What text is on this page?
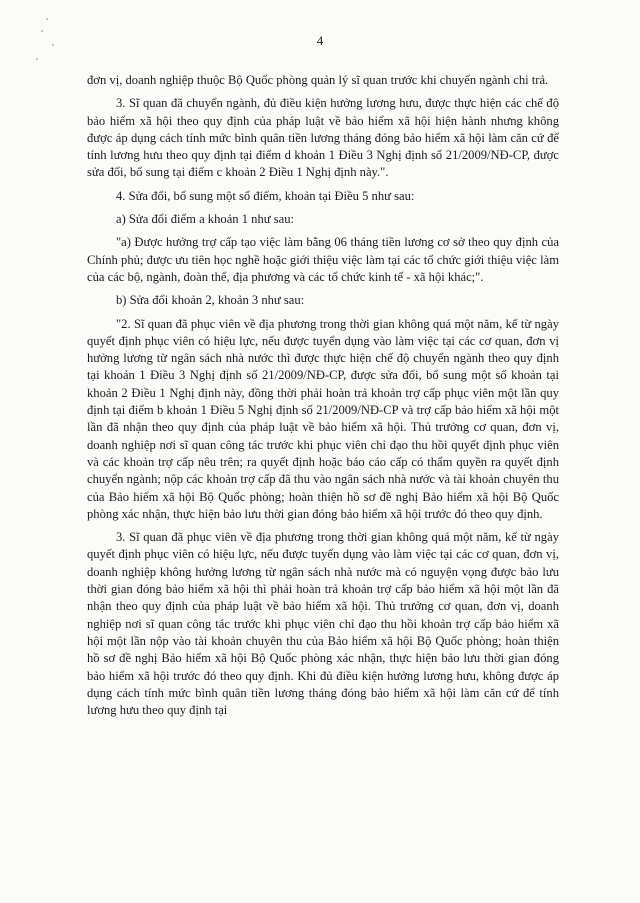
4

đơn vị, doanh nghiệp thuộc Bộ Quốc phòng quản lý sĩ quan trước khi chuyển ngành chi trả.

3. Sĩ quan đã chuyển ngành, đủ điều kiện hưởng lương hưu, được thực hiện các chế độ bảo hiểm xã hội theo quy định của pháp luật về bảo hiểm xã hội hiện hành nhưng không được áp dụng cách tính mức bình quân tiền lương tháng đóng bảo hiểm xã hội làm căn cứ để tính lương hưu theo quy định tại điểm d khoản 1 Điều 3 Nghị định số 21/2009/NĐ-CP, được sửa đổi, bổ sung tại điểm c khoản 2 Điều 1 Nghị định này.".

4. Sửa đổi, bổ sung một số điểm, khoản tại Điều 5 như sau:

a) Sửa đổi điểm a khoản 1 như sau:

"a) Được hưởng trợ cấp tạo việc làm bằng 06 tháng tiền lương cơ sở theo quy định của Chính phủ; được ưu tiên học nghề hoặc giới thiệu việc làm tại các tổ chức giới thiệu việc làm của các bộ, ngành, đoàn thể, địa phương và các tổ chức kinh tế - xã hội khác;".

b) Sửa đổi khoản 2, khoản 3 như sau:

"2. Sĩ quan đã phục viên về địa phương trong thời gian không quá một năm, kể từ ngày quyết định phục viên có hiệu lực, nếu được tuyển dụng vào làm việc tại các cơ quan, đơn vị hưởng lương từ ngân sách nhà nước thì được thực hiện chế độ chuyển ngành theo quy định tại khoản 1 Điều 3 Nghị định số 21/2009/NĐ-CP, được sửa đổi, bổ sung một số khoản tại khoản 2 Điều 1 Nghị định này, đồng thời phải hoàn trả khoản trợ cấp phục viên một lần quy định tại điểm b khoản 1 Điều 5 Nghị định số 21/2009/NĐ-CP và trợ cấp bảo hiểm xã hội một lần đã nhận theo quy định của pháp luật về bảo hiểm xã hội. Thủ trưởng cơ quan, đơn vị, doanh nghiệp nơi sĩ quan công tác trước khi phục viên chỉ đạo thu hồi quyết định phục viên và các khoản trợ cấp nêu trên; ra quyết định hoặc báo cáo cấp có thẩm quyền ra quyết định chuyển ngành; nộp các khoản trợ cấp đã thu vào ngân sách nhà nước và tài khoản chuyên thu của Bảo hiểm xã hội Bộ Quốc phòng; hoàn thiện hồ sơ đề nghị Bảo hiểm xã hội Bộ Quốc phòng xác nhận, thực hiện bảo lưu thời gian đóng bảo hiểm xã hội trước đó theo quy định.

3. Sĩ quan đã phục viên về địa phương trong thời gian không quá một năm, kể từ ngày quyết định phục viên có hiệu lực, nếu được tuyển dụng vào làm việc tại các cơ quan, đơn vị, doanh nghiệp không hưởng lương từ ngân sách nhà nước mà có nguyện vọng được bảo lưu thời gian đóng bảo hiểm xã hội thì phải hoàn trả khoản trợ cấp bảo hiểm xã hội một lần đã nhận theo quy định của pháp luật về bảo hiểm xã hội. Thủ trưởng cơ quan, đơn vị, doanh nghiệp nơi sĩ quan công tác trước khi phục viên chỉ đạo thu hồi khoản trợ cấp bảo hiểm xã hội một lần nộp vào tài khoản chuyên thu của Bảo hiểm xã hội Bộ Quốc phòng; hoàn thiện hồ sơ đề nghị Bảo hiểm xã hội Bộ Quốc phòng xác nhận, thực hiện bảo lưu thời gian đóng bảo hiểm xã hội trước đó theo quy định. Khi đủ điều kiện hưởng lương hưu, không được áp dụng cách tính mức bình quân tiền lương tháng đóng bảo hiểm xã hội làm căn cứ để tính lương hưu theo quy định tại
